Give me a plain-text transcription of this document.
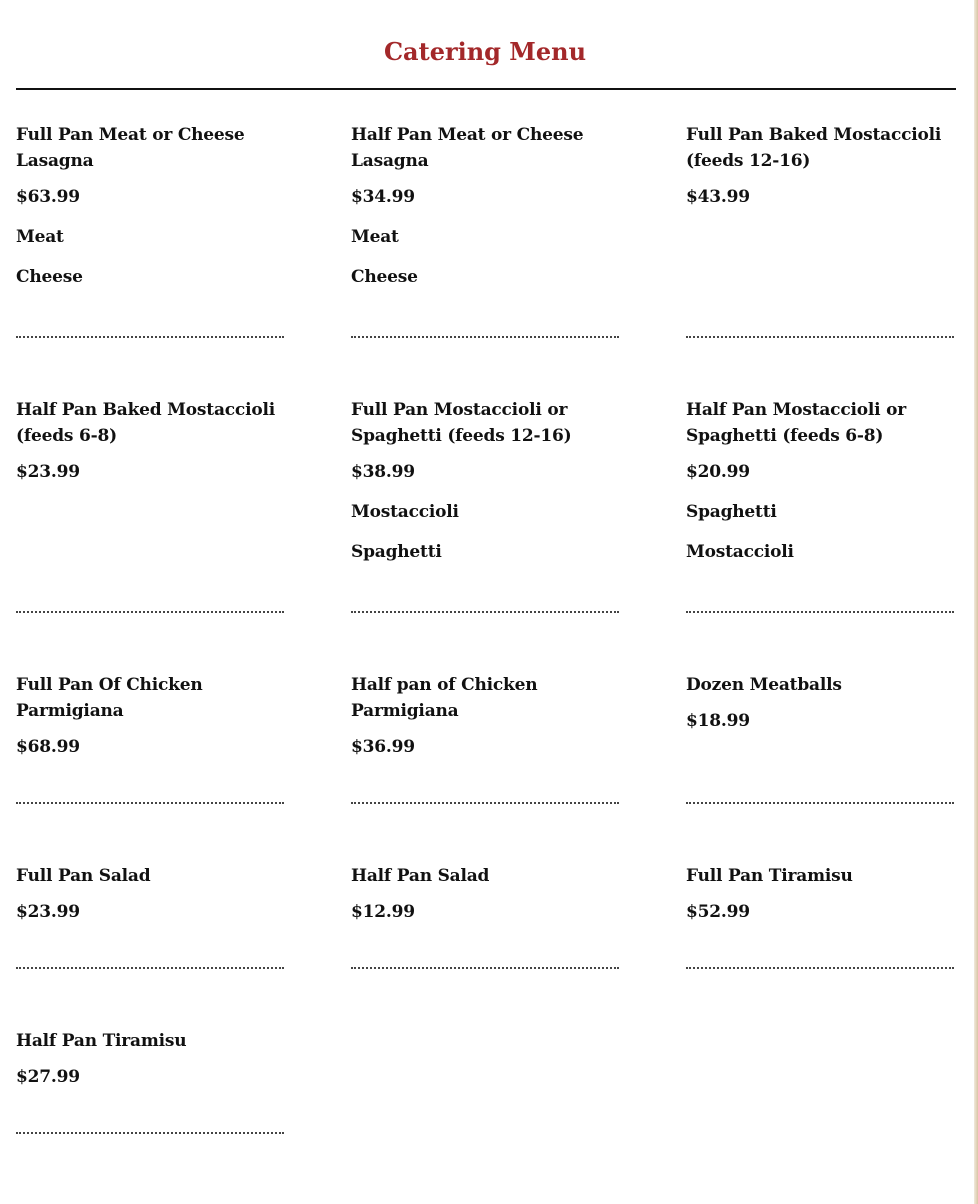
Catering Menu
Full Pan Meat or Cheese Lasagna
$63.99
Meat
Cheese
Half Pan Meat or Cheese Lasagna
$34.99
Meat
Cheese
Full Pan Baked Mostaccioli (feeds 12-16)
$43.99
Half Pan Baked Mostaccioli (feeds 6-8)
$23.99
Full Pan Mostaccioli or Spaghetti (feeds 12-16)
$38.99
Mostaccioli
Spaghetti
Half Pan Mostaccioli or Spaghetti (feeds 6-8)
$20.99
Spaghetti
Mostaccioli
Full Pan Of Chicken Parmigiana
$68.99
Half pan of Chicken Parmigiana
$36.99
Dozen Meatballs
$18.99
Full Pan Salad
$23.99
Half Pan Salad
$12.99
Full Pan Tiramisu
$52.99
Half Pan Tiramisu
$27.99
